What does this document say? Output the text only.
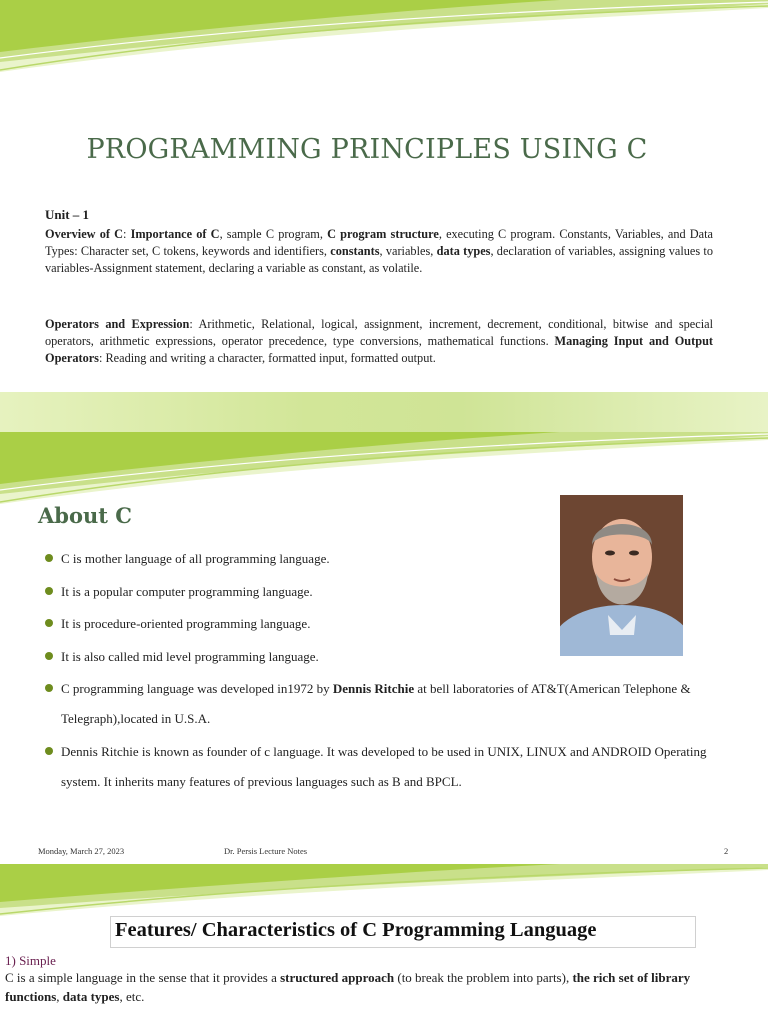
PROGRAMMING PRINCIPLES USING C

Unit – 1

Overview of C: Importance of C, sample C program, C program structure, executing C program. Constants, Variables, and Data Types: Character set, C tokens, keywords and identifiers, constants, variables, data types, declaration of variables, assigning values to variables-Assignment statement, declaring a variable as constant, as volatile.

Operators and Expression: Arithmetic, Relational, logical, assignment, increment, decrement, conditional, bitwise and special operators, arithmetic expressions, operator precedence, type conversions, mathematical functions. Managing Input and Output Operators: Reading and writing a character, formatted input, formatted output.

About C
C is mother language of all programming language.
It is a popular computer programming language.
It is procedure-oriented programming language.
It is also called mid level programming language.
C programming language was developed in1972 by Dennis Ritchie at bell laboratories of AT&T(American Telephone & Telegraph),located in U.S.A.
Dennis Ritchie is known as founder of c language. It was developed to be used in UNIX, LINUX and ANDROID Operating system. It inherits many features of previous languages such as B and BPCL.
Monday, March 27, 2023	Dr. Persis Lecture Notes	2
Features/ Characteristics of C Programming Language

1) Simple

C is a simple language in the sense that it provides a structured approach (to break the problem into parts), the rich set of library functions, data types, etc.
